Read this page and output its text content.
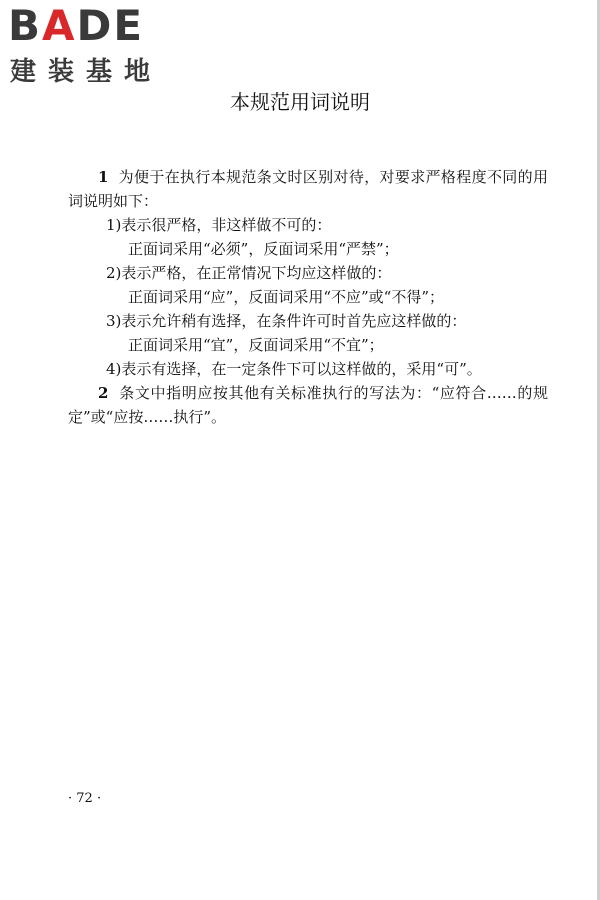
BADE
建装基地
本规范用词说明

1 为便于在执行本规范条文时区别对待，对要求严格程度不同的用词说明如下：

1)表示很严格，非这样做不可的：

正面词采用“必须”，反面词采用“严禁”；

2)表示严格，在正常情况下均应这样做的：

正面词采用“应”，反面词采用“不应”或“不得”；

3)表示允许稍有选择，在条件许可时首先应这样做的：

正面词采用“宜”，反面词采用“不宜”；

4)表示有选择，在一定条件下可以这样做的，采用“可”。

2 条文中指明应按其他有关标准执行的写法为：“应符合……的规定”或“应按……执行”。

· 72 ·
